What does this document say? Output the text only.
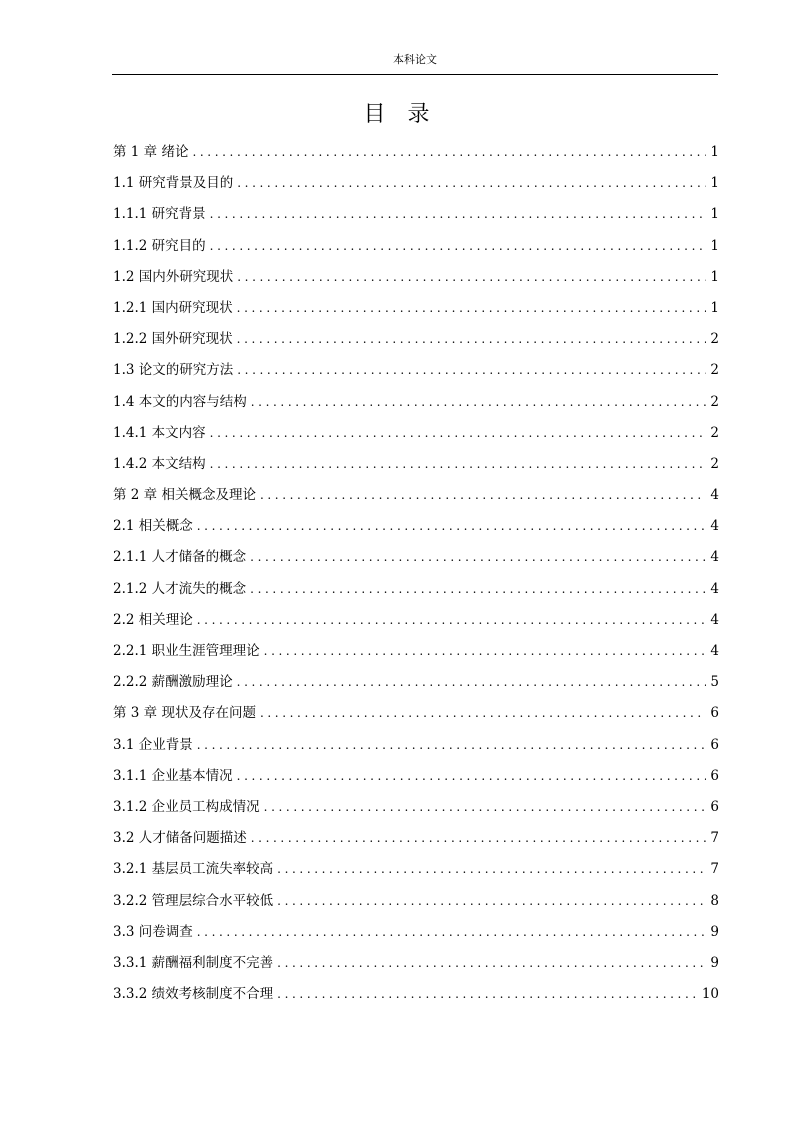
本科论文
目录
第 1 章 绪论 .....	1
1.1 研究背景及目的 .....	1
1.1.1 研究背景 .....	1
1.1.2 研究目的 .....	1
1.2 国内外研究现状 .....	1
1.2.1 国内研究现状 .....	1
1.2.2 国外研究现状 .....	2
1.3 论文的研究方法 .....	2
1.4 本文的内容与结构 .....	2
1.4.1 本文内容 .....	2
1.4.2 本文结构 .....	2
第 2 章 相关概念及理论 .....	4
2.1 相关概念 .....	4
2.1.1 人才储备的概念 .....	4
2.1.2 人才流失的概念 .....	4
2.2 相关理论 .....	4
2.2.1 职业生涯管理理论 .....	4
2.2.2 薪酬激励理论 .....	5
第 3 章 现状及存在问题 .....	6
3.1 企业背景 .....	6
3.1.1 企业基本情况 .....	6
3.1.2 企业员工构成情况 .....	6
3.2 人才储备问题描述 .....	7
3.2.1 基层员工流失率较高 .....	7
3.2.2 管理层综合水平较低 .....	8
3.3 问卷调查 .....	9
3.3.1 薪酬福利制度不完善 .....	9
3.3.2 绩效考核制度不合理 .....	10
